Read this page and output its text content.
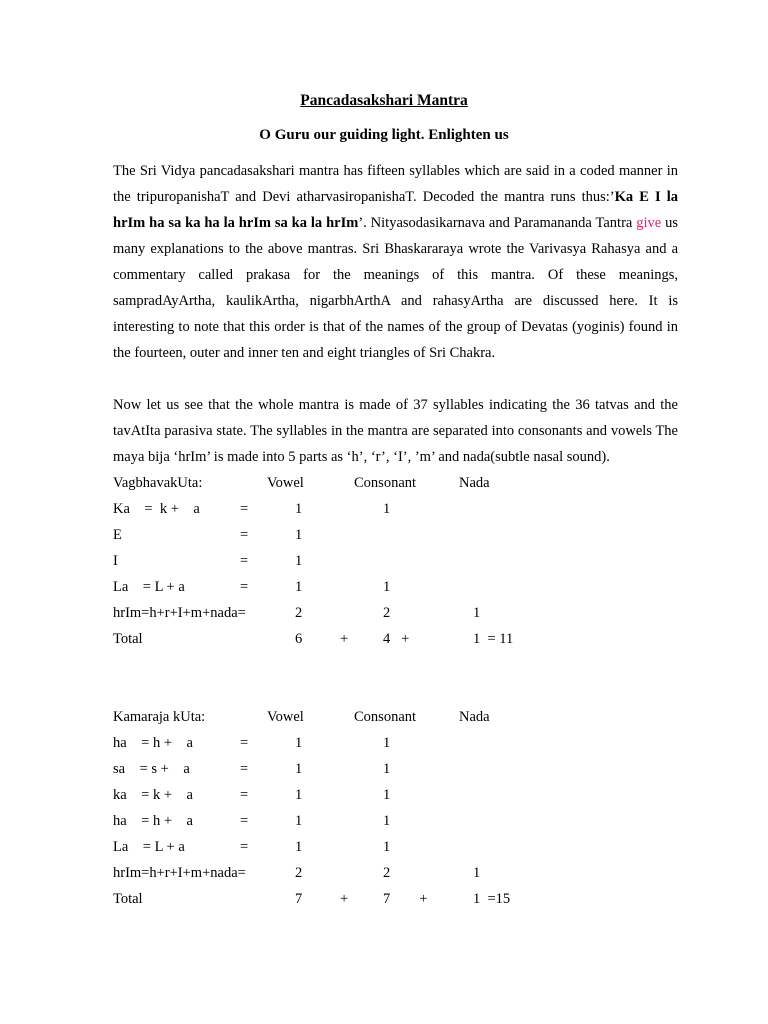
Pancadasakshari Mantra
O Guru our guiding light. Enlighten us

The Sri Vidya pancadasakshari mantra has fifteen syllables which are said in a coded manner in the tripuropanishaT and Devi atharvasiropanishaT. Decoded the mantra runs thus:’Ka E I la hrIm ha sa ka ha la hrIm sa ka la hrIm’. Nityasodasikarnava and Paramananda Tantra give us many explanations to the above mantras. Sri Bhaskararaya wrote the Varivasya Rahasya and a commentary called prakasa for the meanings of this mantra. Of these meanings, sampradAyArtha, kaulikArtha, nigarbhArthA and rahasyArtha are discussed here. It is interesting to note that this order is that of the names of the group of Devatas (yoginis) found in the fourteen, outer and inner ten and eight triangles of Sri Chakra.

Now let us see that the whole mantra is made of 37 syllables indicating the 36 tatvas and the tavAtIta parasiva state. The syllables in the mantra are separated into consonants and vowels The maya bija ‘hrIm’ is made into 5 parts as ‘h’, ‘r’, ‘I’, ’m’ and nada(subtle nasal sound).

VagbhavakUta:	Vowel	Consonant	Nada
Ka    =  k +    a	=	1	1
E	=	1
I	=	1
La    = L + a	=	1	1
hrIm=h+r+I+m+nada=	2	2	1
Total	6	+ 4   +	1  = 11
Kamaraja kUta:	Vowel	Consonant	Nada
ha    = h +    a	=	1	1
sa    = s +    a	=	1	1
ka    = k +    a	=	1	1
ha    = h +    a	=	1	1
La    = L + a	=	1	1
hrIm=h+r+I+m+nada=	2	2	1
Total	7	+ 7        +	1  =15
